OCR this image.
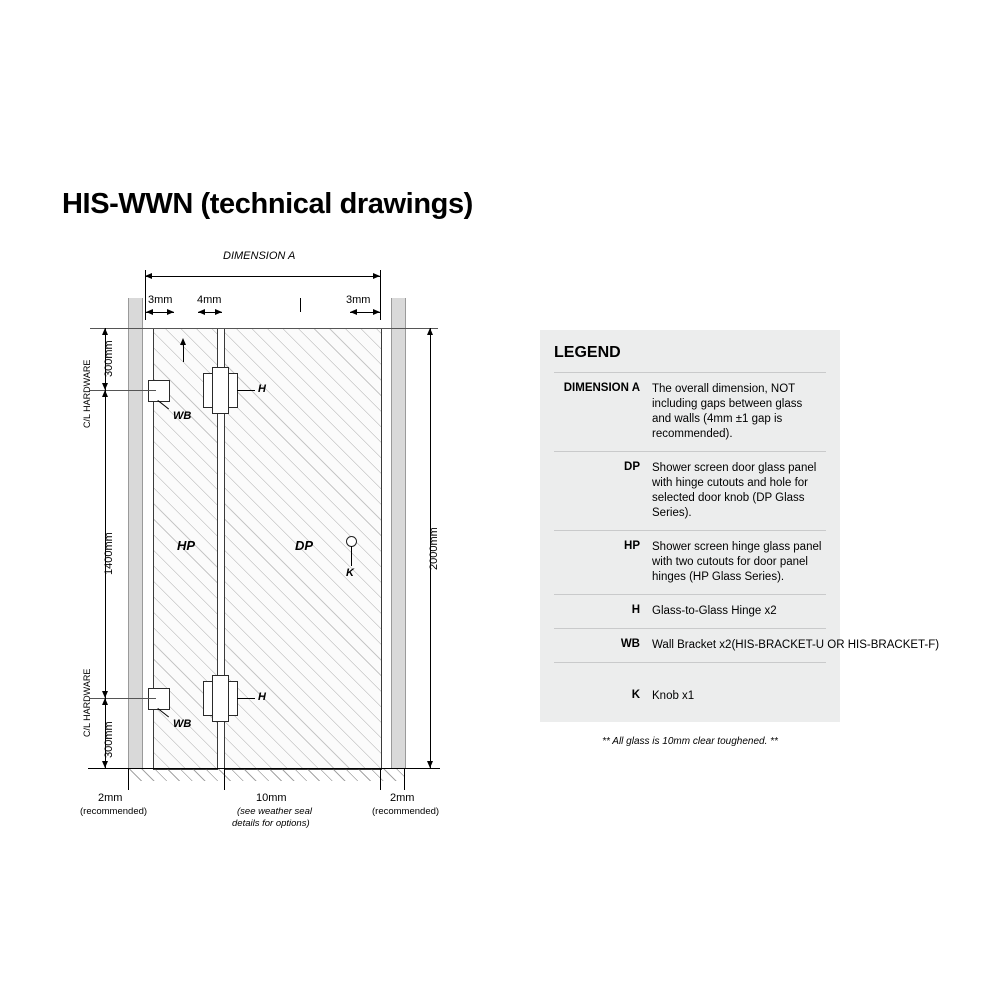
HIS-WWN (technical drawings)
DIMENSION A
3mm 4mm	3mm
H
WB
H
WB
HP	DP
K
300mm
1400mm
300mm
C/L HARDWARE
C/L HARDWARE
2000mm
2mm
(recommended)
10mm
(see weather seal
details for options)
2mm
(recommended)
LEGEND
DIMENSION A	The overall dimension, NOT including gaps between glass and walls (4mm ±1 gap is recommended).
DP	Shower screen door glass panel with hinge cutouts and hole for selected door knob (DP Glass Series).
HP	Shower screen hinge glass panel with two cutouts for door panel hinges (HP Glass Series).
H	Glass-to-Glass Hinge x2
WB	Wall Bracket x2(HIS-BRACKET-U OR HIS-BRACKET-F)
K	Knob x1
** All glass is 10mm clear toughened. **
